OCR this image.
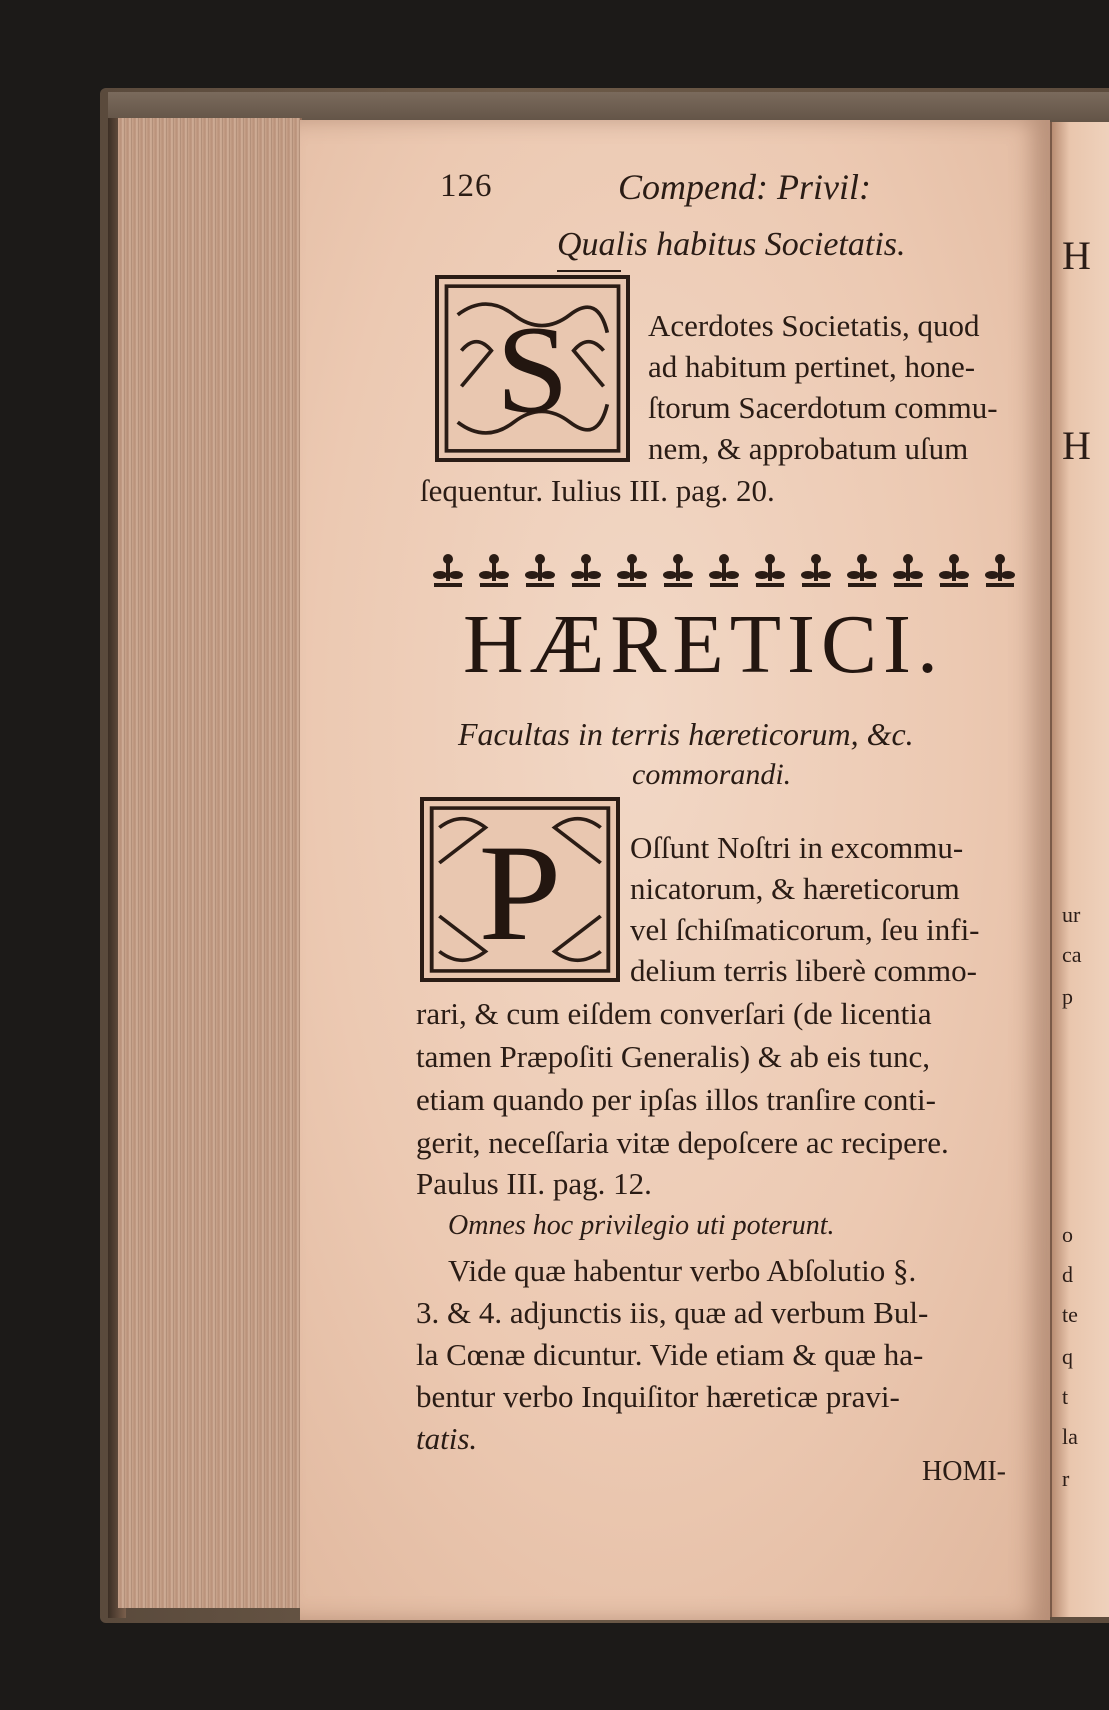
H
H
ur
ca
p
o
d
te
q
t
la
r
126	Compend: Privil:
Qualis habitus Societatis.
S	Acerdotes Societatis, quod
ad habitum pertinet, hone-
ſtorum Sacerdotum commu-
nem, & approbatum uſum
ſequentur. Iulius III. pag. 20.
HÆRETICI.
Facultas in terris hæreticorum, &c.
commorandi.
P Oſſunt Noſtri in excommu-
nicatorum, & hæreticorum
vel ſchiſmaticorum, ſeu infi-
delium terris liberè commo-
rari, & cum eiſdem converſari (de licentia
tamen Præpoſiti Generalis) & ab eis tunc,
etiam quando per ipſas illos tranſire conti-
gerit, neceſſaria vitæ depoſcere ac recipere.
Paulus III. pag. 12.
Omnes hoc privilegio uti poterunt.
Vide quæ habentur verbo Abſolutio §.
3. & 4. adjunctis iis, quæ ad verbum Bul-
la Cœnæ dicuntur. Vide etiam & quæ ha-
bentur verbo Inquiſitor hæreticæ pravi-
tatis.
HOMI-
